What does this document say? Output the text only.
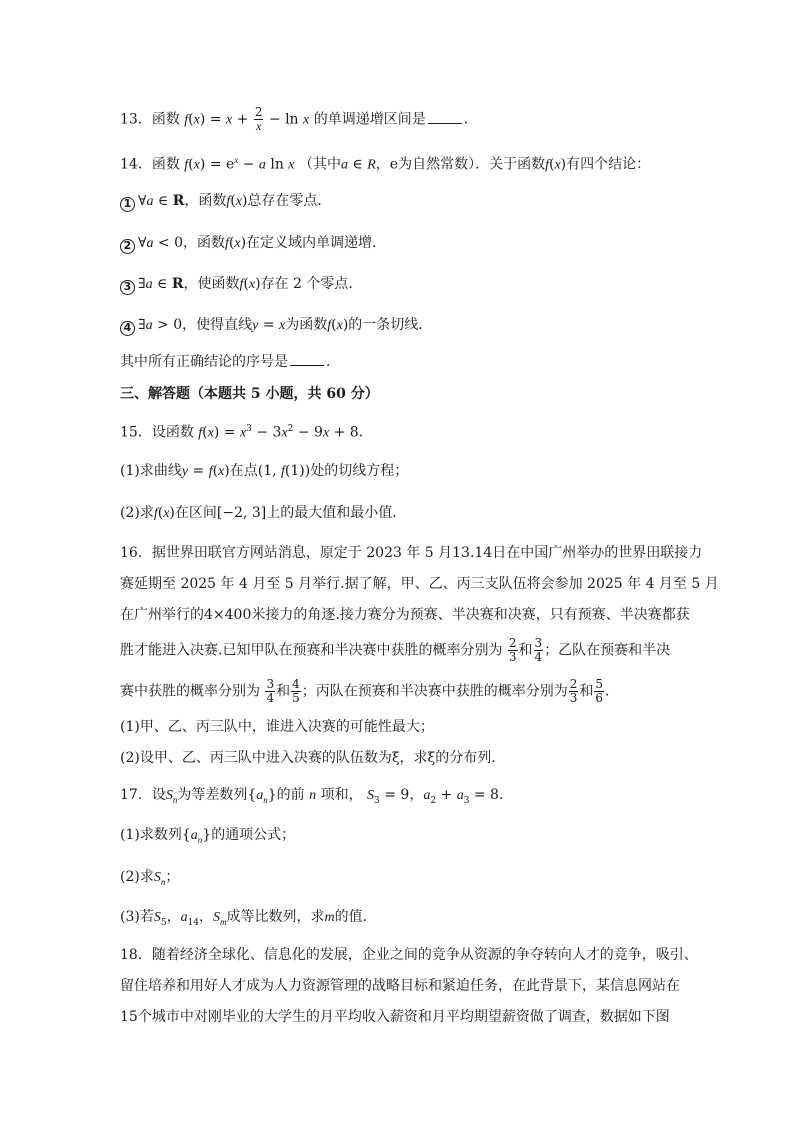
13．函数 $f(x) = x + \frac{2}{x} - \ln x$ 的单调递增区间是	．
14．函数 $f(x) = e^x - a$ ln x （其中a ∈ R，e为自然常数）．关于函数f(x)有四个结论：
1 ∀a ∈ R，函数f(x)总存在零点．
2 ∀a < 0，函数f(x)在定义域内单调递增．
3 ∃a ∈ R，使函数f(x)存在 2 个零点．
4 ∃a > 0，使得直线y = x为函数f(x)的一条切线．
其中所有正确结论的序号是	．
三、解答题（本题共 5 小题，共 60 分）
15．设函数 $f(x) = x^3 - 3x^2 - 9x + 8$．
(1)求曲线y = f(x)在点(1, f(1))处的切线方程；
(2)求f(x)在区间[−2, 3]上的最大值和最小值．
16．据世界田联官方网站消息，原定于 2023 年 5 月13.14日在中国广州举办的世界田联接力
赛延期至 2025 年 4 月至 5 月举行.据了解，甲、乙、丙三支队伍将会参加 2025 年 4 月至 5 月
在广州举行的4×400米接力的角逐.接力赛分为预赛、半决赛和决赛，只有预赛、半决赛都获
胜才能进入决赛.已知甲队在预赛和半决赛中获胜的概率分别为 $\frac{2}{3}$ 和 $\frac{3}{4}$ ；乙队在预赛和半决
赛中获胜的概率分别为 $\frac{3}{4}$ 和 $\frac{4}{5}$ ；丙队在预赛和半决赛中获胜的概率分别为 $\frac{2}{3}$ 和 $\frac{5}{6}$ .
(1)甲、乙、丙三队中，谁进入决赛的可能性最大；
(2)设甲、乙、丙三队中进入决赛的队伍数为ξ，求ξ的分布列.
17．设$S_n$为等差数列$\{a_n\}$的前 n 项和， $S_3 = 9$，$a_2 + a_3 = 8$．
(1)求数列$\{a_n\}$的通项公式；
(2)求$S_n$；
(3)若$S_5$，$a_{14}$，$S_m$成等比数列，求m的值．
18．随着经济全球化、信息化的发展，企业之间的竞争从资源的争夺转向人才的竞争，吸引、
留住培养和用好人才成为人力资源管理的战略目标和紧迫任务，在此背景下，某信息网站在
15个城市中对刚毕业的大学生的月平均收入薪资和月平均期望薪资做了调查，数据如下图
